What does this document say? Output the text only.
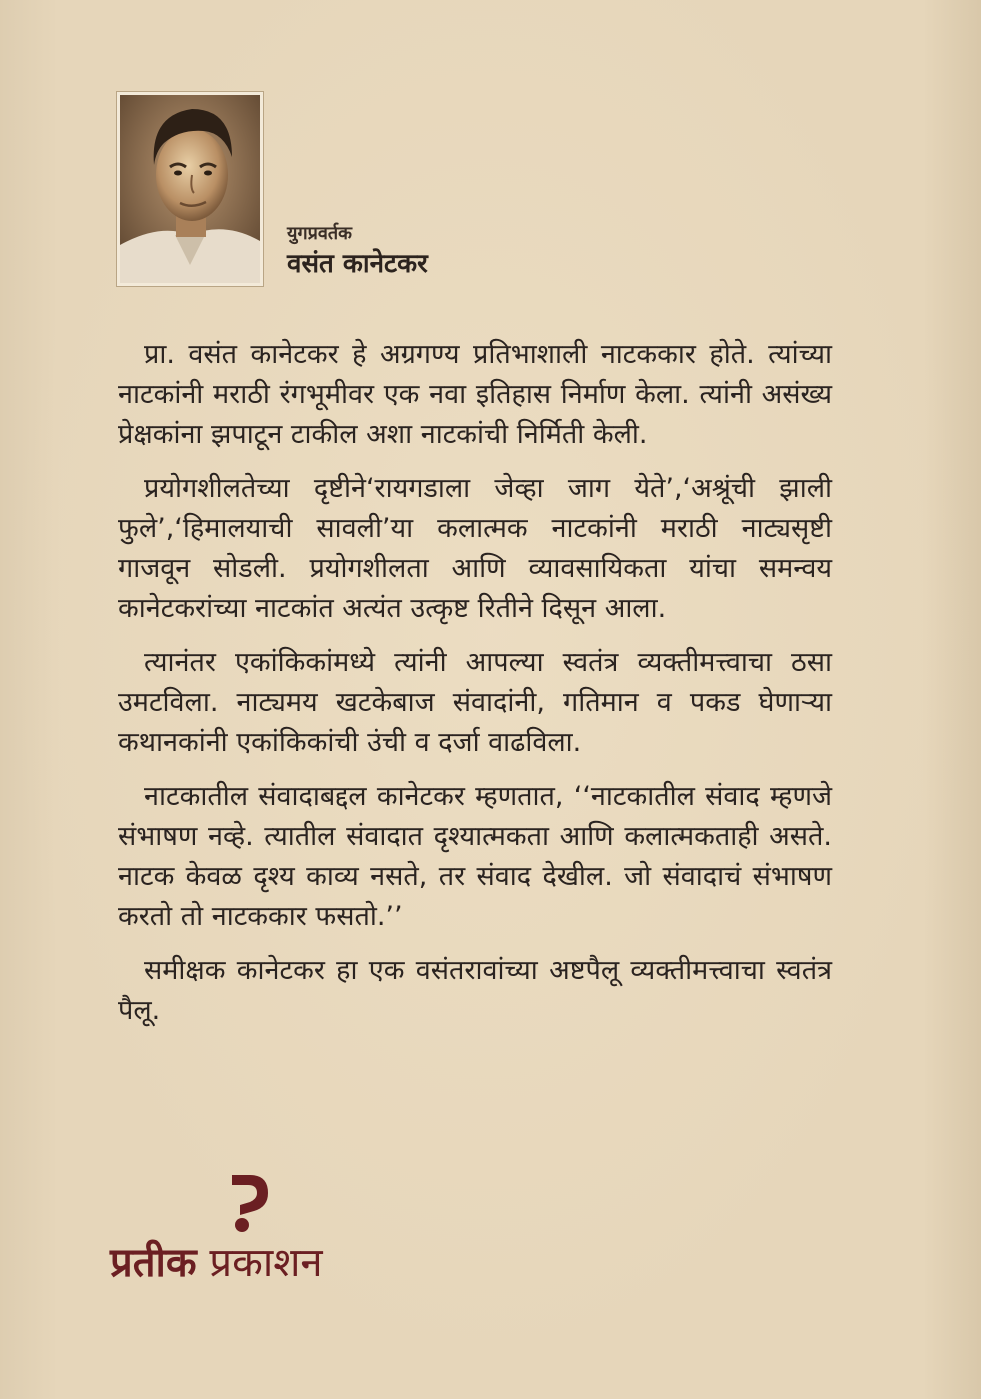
युगप्रवर्तक
वसंत कानेटकर

प्रा. वसंत कानेटकर हे अग्रगण्य प्रतिभाशाली नाटककार होते. त्यांच्या नाटकांनी मराठी रंगभूमीवर एक नवा इतिहास निर्माण केला. त्यांनी असंख्य प्रेक्षकांना झपाटून टाकील अशा नाटकांची निर्मिती केली.

प्रयोगशीलतेच्या दृष्टीने‘रायगडाला जेव्हा जाग येते’,‘अश्रूंची झाली फुले’,‘हिमालयाची सावली’या कलात्मक नाटकांनी मराठी नाट्यसृष्टी गाजवून सोडली. प्रयोगशीलता आणि व्यावसायिकता यांचा समन्वय कानेटकरांच्या नाटकांत अत्यंत उत्कृष्ट रितीने दिसून आला.

त्यानंतर एकांकिकांमध्ये त्यांनी आपल्या स्वतंत्र व्यक्तीमत्त्वाचा ठसा उमटविला. नाट्यमय खटकेबाज संवादांनी, गतिमान व पकड घेणाऱ्या कथानकांनी एकांकिकांची उंची व दर्जा वाढविला.

नाटकातील संवादाबद्दल कानेटकर म्हणतात, ‘‘नाटकातील संवाद म्हणजे संभाषण नव्हे. त्यातील संवादात दृश्यात्मकता आणि कलात्मकताही असते. नाटक केवळ दृश्य काव्य नसते, तर संवाद देखील. जो संवादाचं संभाषण करतो तो नाटककार फसतो.’’

समीक्षक कानेटकर हा एक वसंतरावांच्या अष्टपैलू व्यक्तीमत्त्वाचा स्वतंत्र पैलू.

प्रतीक प्रकाशन
